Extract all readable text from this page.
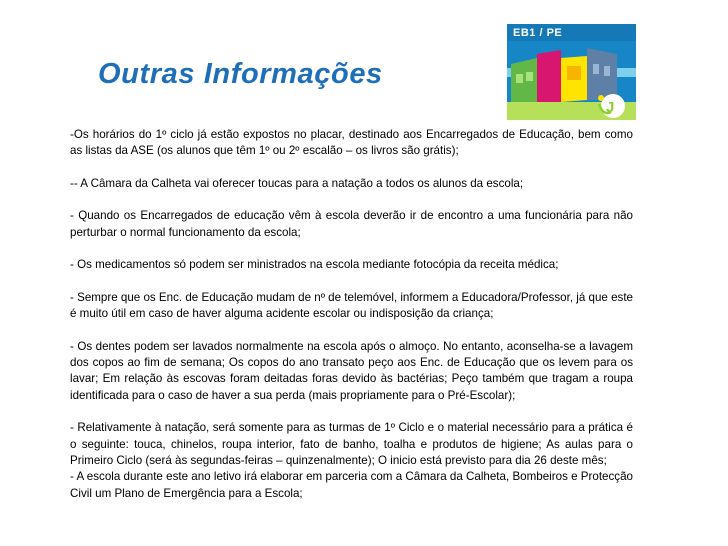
Outras Informações
J
EB1 / PE

-Os horários do 1º ciclo já estão expostos no placar, destinado aos Encarregados de Educação, bem como as listas da ASE (os alunos que têm 1º ou 2º escalão – os livros são grátis);

-- A Câmara da Calheta vai oferecer toucas para a natação a todos os alunos da escola;

- Quando os Encarregados de educação vêm à escola deverão ir de encontro a uma funcionária para não perturbar o normal funcionamento da escola;

- Os medicamentos só podem ser ministrados na escola mediante fotocópia da receita médica;

- Sempre que os Enc. de Educação mudam de nº de telemóvel, informem a Educadora/Professor, já que este é muito útil em caso de haver alguma acidente escolar ou indisposição da criança;

- Os dentes podem ser lavados normalmente na escola após o almoço. No entanto, aconselha-se a lavagem dos copos ao fim de semana; Os copos do ano transato peço aos Enc. de Educação que os levem para os lavar; Em relação às escovas foram deitadas foras devido às bactérias; Peço também que tragam a roupa identificada para o caso de haver a sua perda (mais propriamente para o Pré-Escolar);

- Relativamente à natação, será somente para as turmas de 1º Ciclo e o material necessário para a prática é o seguinte: touca, chinelos, roupa interior, fato de banho, toalha e produtos de higiene; As aulas para o Primeiro Ciclo (será às segundas-feiras – quinzenalmente); O inicio está previsto para dia 26 deste mês;

- A escola durante este ano letivo irá elaborar em parceria com a Câmara da Calheta, Bombeiros e Protecção Civil um Plano de Emergência para a Escola;
